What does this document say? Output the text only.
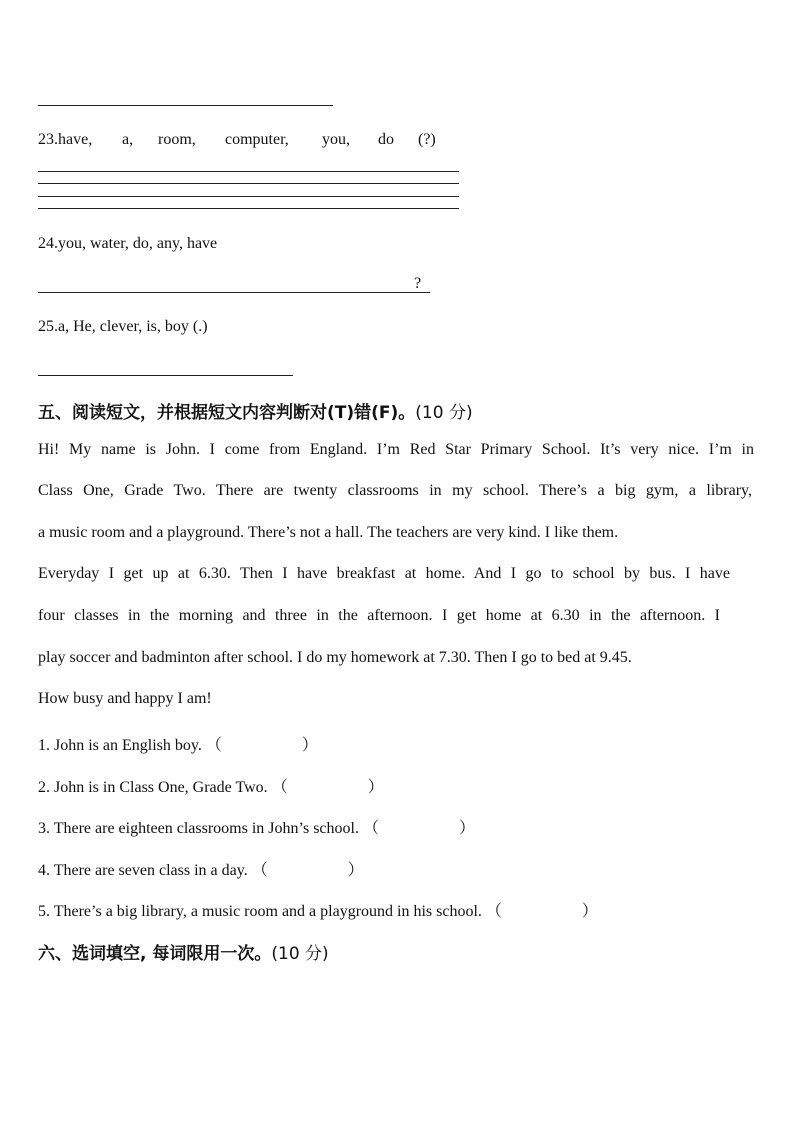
23.have, a, room, computer, you, do (?)
24.you, water, do, any, have
?
25.a, He, clever, is, boy (.)
五、阅读短文，并根据短文内容判断对(T)错(F)。(10 分)
Hi! My name is John. I come from England. I’m Red Star Primary School. It’s very nice. I’m in
Class One, Grade Two. There are twenty classrooms in my school. There’s a big gym, a library,
a music room and a playground. There’s not a hall. The teachers are very kind. I like them.
Everyday I get up at 6.30. Then I have breakfast at home. And I go to school by bus. I have
four classes in the morning and three in the afternoon. I get home at 6.30 in the afternoon. I
play soccer and badminton after school. I do my homework at 7.30. Then I go to bed at 9.45.
How busy and happy I am!
1. John is an English boy. （	）
2. John is in Class One, Grade Two. （	）
3. There are eighteen classrooms in John’s school. （	）
4. There are seven class in a day. （	）
5. There’s a big library, a music room and a playground in his school. （	）
六、选词填空, 每词限用一次。(10 分)
